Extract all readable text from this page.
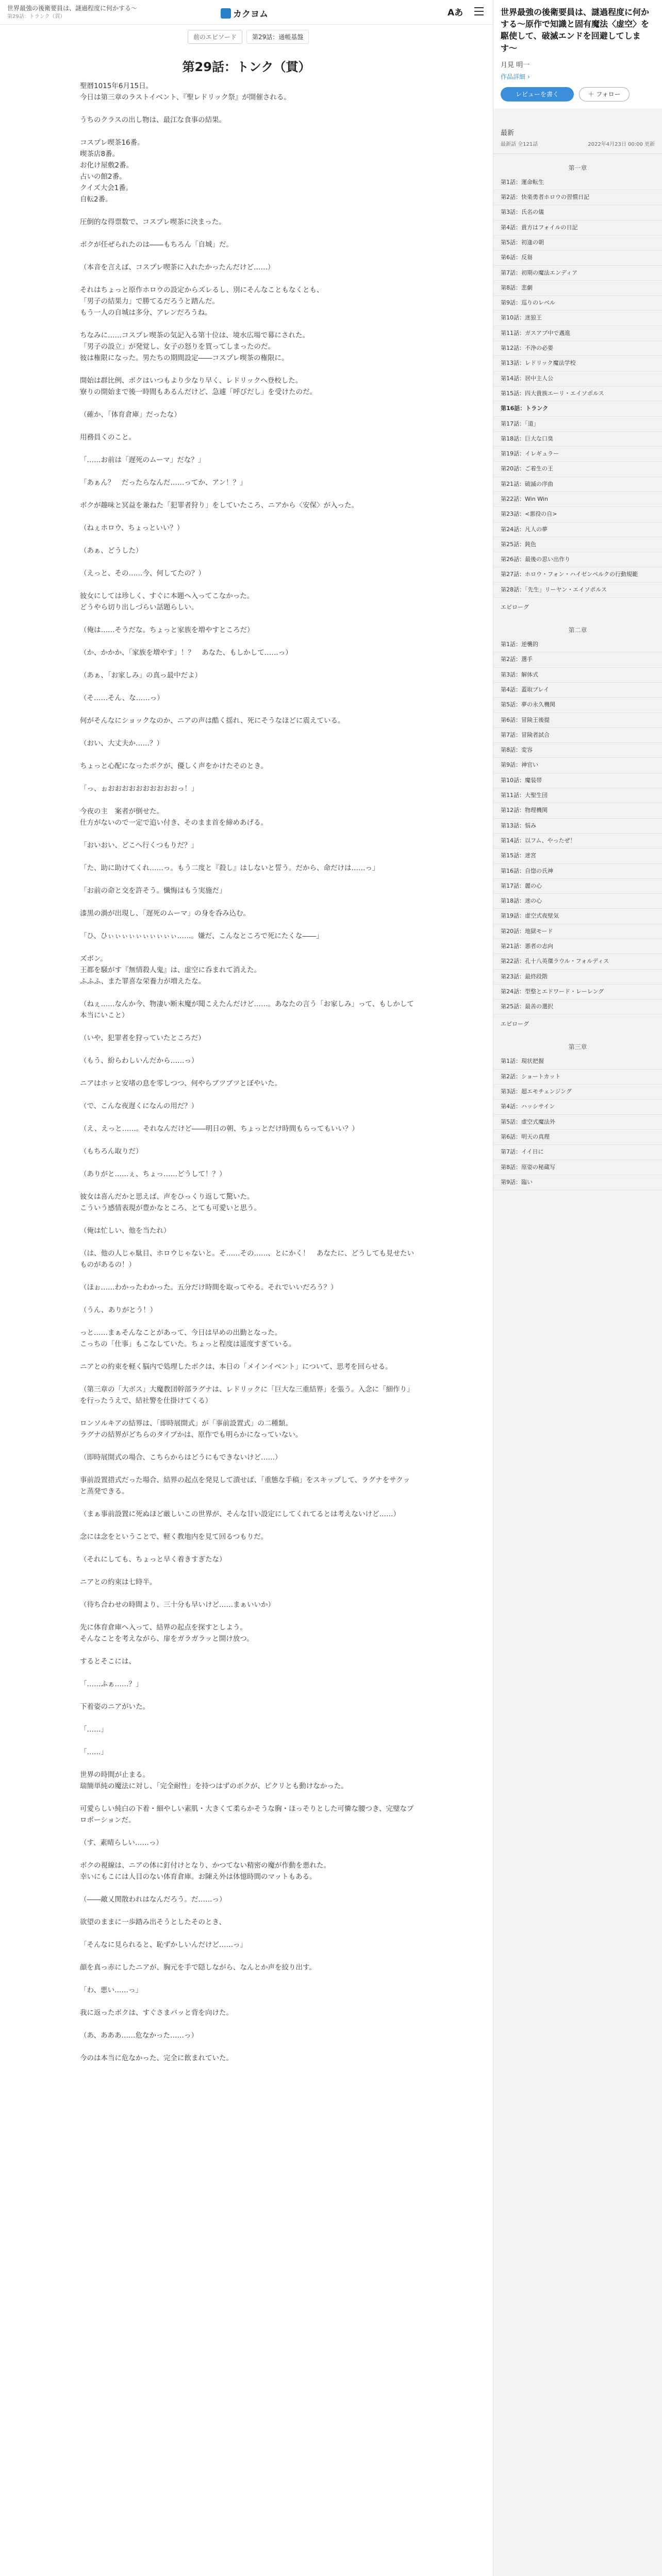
世界最強の後衛要員は、謎過程度に何かする〜
第29話：トランク（貫）	カクヨム	Aあ
前のエピソード	第29話：通帳基盤
第29話：トンク（貫）

聖暦1015年6月15日。

今日は第三章のラストイベント、『聖レドリック祭』が開催される。

うちのクラスの出し物は、最江な食事の結果。

コスプレ喫茶16番。

喫茶店8番。

お化け屋敷2番。

占いの館2番。

クイズ大会1番。

自転2番。

圧倒的な得票数で、コスプレ喫茶に決まった。

ボクが任ぜられたのは――もちろん「自城」だ。

（本音を言えば、コスプレ喫茶に入れたかったんだけど……）

それはちょっと原作ホロウの設定からズレるし、別にそんなこともなくとも、

「男子の結果力」で勝てるだろうと踏んだ。

もう一人の自城は多分、アレンだろうね。

ちなみに……コスプレ喫茶の気記入る第十位は、境水広場で幕にされた。

「男子の設立」が発覚し、女子の怒りを買ってしまったのだ。

彼は権限になった。男たちの期間設定――コスプレ喫茶の権限に。

開始は群比例、ボクはいつもより少なり早く、レドリックへ登校した。

寮りの開始まで後一時間もあるんだけど、急遽「呼びだし」を受けたのだ。

（確か、「体育倉庫」だったな）

用務員くのこと。

「……お前は「遅死のムーマ」だな？」

「あぁん？　だったらなんだ……ってか、アン！？」

ボクが趣味と冥益を兼ねた「犯罪者狩り」をしていたころ、ニアから〈安保〉が入った。

（ねぇホロウ、ちょっといい？）

（あぁ、どうした）

（えっと、その……今、何してたの？）

彼女にしては珍しく、すぐに本題へ入ってこなかった。

どうやら切り出しづらい話題らしい。

（俺は……そうだな。ちょっと家族を増やすところだ）

（か、かかか、「家族を増やす」！？　あなた、もしかして……っ）

（あぁ、「お家しみ」の真っ最中だよ）

（そ……そん、な……っ）

何がそんなにショックなのか、ニアの声は酷く揺れ、死にそうなほどに震えている。

（おい、大丈夫か……？）

ちょっと心配になったボクが、優しく声をかけたそのとき。

「っ、ぉおおおおおおおおおおっ！」

今夜の主　案者が倒せた。

仕方がないので一定で追い付き、そのまま首を締めあげる。

「おいおい、どこへ行くつもりだ？」

「た、助に助けてくれ……っ。もう二度と『殺し』はしないと誓う。だから、命だけは……っ」

「お前の命と交を許そう。懺悔はもう実施だ」

漆黒の渦が出現し、「遅死のムーマ」の身を呑み込む。

「ひ、ひぃぃぃぃぃぃぃぃぃぃ……。嫌だ、こんなところで死にたくな――」

ズボン。

王都を騒がす『無情殺人鬼』は、虚空に呑まれて消えた。

ふふふ、また罪喜な栄養力が増えたな。

（ねぇ……なんか今、物凄い断末魔が聞こえたんだけど……。あなたの言う「お家しみ」って、もしかして本当にいこと）

（いや、犯罪者を狩っていたところだ）

（もう、紛らわしいんだから……っ）

ニアはホッと安堵の息を零しつつ、何やらブツブツとぼやいた。

（で、こんな夜遅くになんの用だ？）

（え、えっと……。それなんだけど――明日の朝、ちょっとだけ時間もらってもいい？）

（もちろん取りだ）

（ありがと……ぇ、ちょっ……どうして！？）

彼女は喜んだかと思えば、声をひっくり返して驚いた。

こういう感情表現が豊かなところ、とても可愛いと思う。

（俺は忙しい、他を当たれ）

（は、他の人じゃ駄目、ホロウじゃないと。そ……その……、とにかく！　あなたに、どうしても見せたいものがあるの！）

（ほぉ……わかったわかった。五分だけ時間を取ってやる。それでいいだろう？）

（うん、ありがとう！）

っと……まぁそんなことがあって、今日は早めの出勤となった。

こっちの「仕事」もこなしていた。ちょっと程度は遥度すぎている。

ニアとの約束を軽く脳内で処理したボクは、本日の「メインイベント」について、思考を回らせる。

（第三章の「大ボス」大魔教団幹部ラグナは、レドリックに「巨大な三重結界」を張う。入念に「細作り」を行ったうえで、結社警を仕掛けてくる）

ロンソルキアの結界は、「即時展開式」が「事前設置式」の二種類。

ラグナの結界がどちらのタイプかは、原作でも明らかになっていない。

（即時展開式の場合、こちらからはどうにもできないけど……）

事前設置措式だった場合、結界の起点を発見して潰せば、「重態な手稿」をスキップして、ラグナをサクッと蒸発できる。

（まぁ事前設置に死ぬほど厳しいこの世界が、そんな甘い設定にしてくれてるとは考えないけど……）

念には念をということで、軽く教地内を見て回るつもりだ。

（それにしても、ちょっと早く着きすぎたな）

ニアとの約束は七時半。

（待ち合わせの時間より、三十分も早いけど……まぁいいか）

先に体育倉庫へ入って、結界の起点を探すとしよう。

そんなことを考えながら、扉をガラガラッと開け放つ。

するとそこには、

「……ふぁ……？」

下着姿のニアがいた。

「……」

「……」

世界の時間が止まる。

瑞簡単純の魔法に対し、「完全耐性」を持つはずのボクが、ピクリとも動けなかった。

可愛らしい純白の下着・細やしい素肌・大きくて柔らかそうな胸・ほっそりとした可憐な腰つき、完璧なプロポーションだ。

（す、素晴らしい……っ）

ボクの視線は、ニアの体に釘付けとなり、かつてない精密の魔が作動を悪れた。

幸いにもこには人目のない体育倉庫。お陳え外は体憶時間のマットもある。

（――敵乂関散われはなんだろう。だ……っ）

欲望のままに一歩踏み出そうとしたそのとき、

「そんなに見られると、恥ずかしいんだけど……っ」

顔を真っ赤にしたニアが、胸元を手で隠しながら、なんとか声を絞り出す。

「わ、悪い……っ」

我に返ったボクは、すぐさまバッと背を向けた。

（あ、あああ……危なかった……っ）

今のは本当に危なかった、完全に飲まれていた。

世界最強の後衛要員は、謎過程度に何かする〜原作で知識と固有魔法〈虚空〉を駆使して、破滅エンドを回避してします〜
月見 明一
作品詳細 ›
レビューを書く	＋ フォロー
最新
最新話 全121話	2022年4月23日 00:00 更新
第一章
第1話：運命転生
第2話：快楽勇者ホロウの習慣日記
第3話：氏名の儀
第4話：貴方はフォイルの日記
第5話：初逢の朝
第6話：反芻
第7話：初期の魔法エンディア
第8話：悲劇
第9話：巡りのレベル
第10話：迷狼王
第11話：ガスアブ中で邁進
第12話：不浄の必要
第13話：レドリック魔法学校
第14話：居中主人公
第15話：四大貴族エーリ・エイソポルス
第16話：トランク
第17話：「道」
第18話：巨大な口臭
第19話：イレギュラー
第20話：ご着生の王
第21話：破滅の序曲
第22話：Win Win
第23話：<悪役の自>
第24話：凡人の夢
第25話：鈍色
第26話：最後の思い出作り
第27話：ホロウ・フォン・ハイゼンベルクの行動規範
第28話：「先生」リーヤン・エイソポルス
エピローグ
第二章
第1話：逆襲的
第2話：選手
第3話：解体式
第4話：蓋取プレイ
第5話：夢の永久機関
第6話：冒険王後提
第7話：冒険者試合
第8話：変容
第9話：神官い
第10話：魔装帯
第11話：大聖生団
第12話：物理機関
第13話：悩み
第14話：以フム、やったぜ！
第15話：迷宮
第16話：自惚の氏神
第17話：麗の心
第18話：迷の心
第19話：虚空式夜壁気
第20話：地獄モード
第21話：悪者の志向
第22話：孔十八英傑ラウル・フォルディス
第23話：最終段階
第24話：型整とエドワード・レーレング
第25話：最善の選択
エピローグ
第三章
第1話：現状把握
第2話：ショートカット
第3話：超エモチェンジング
第4話：ハッシサイン
第5話：虚空式魔法外
第6話：明天の真理
第7話：イイ日に
第8話：原姿の秘蔵写
第9話：臨い
